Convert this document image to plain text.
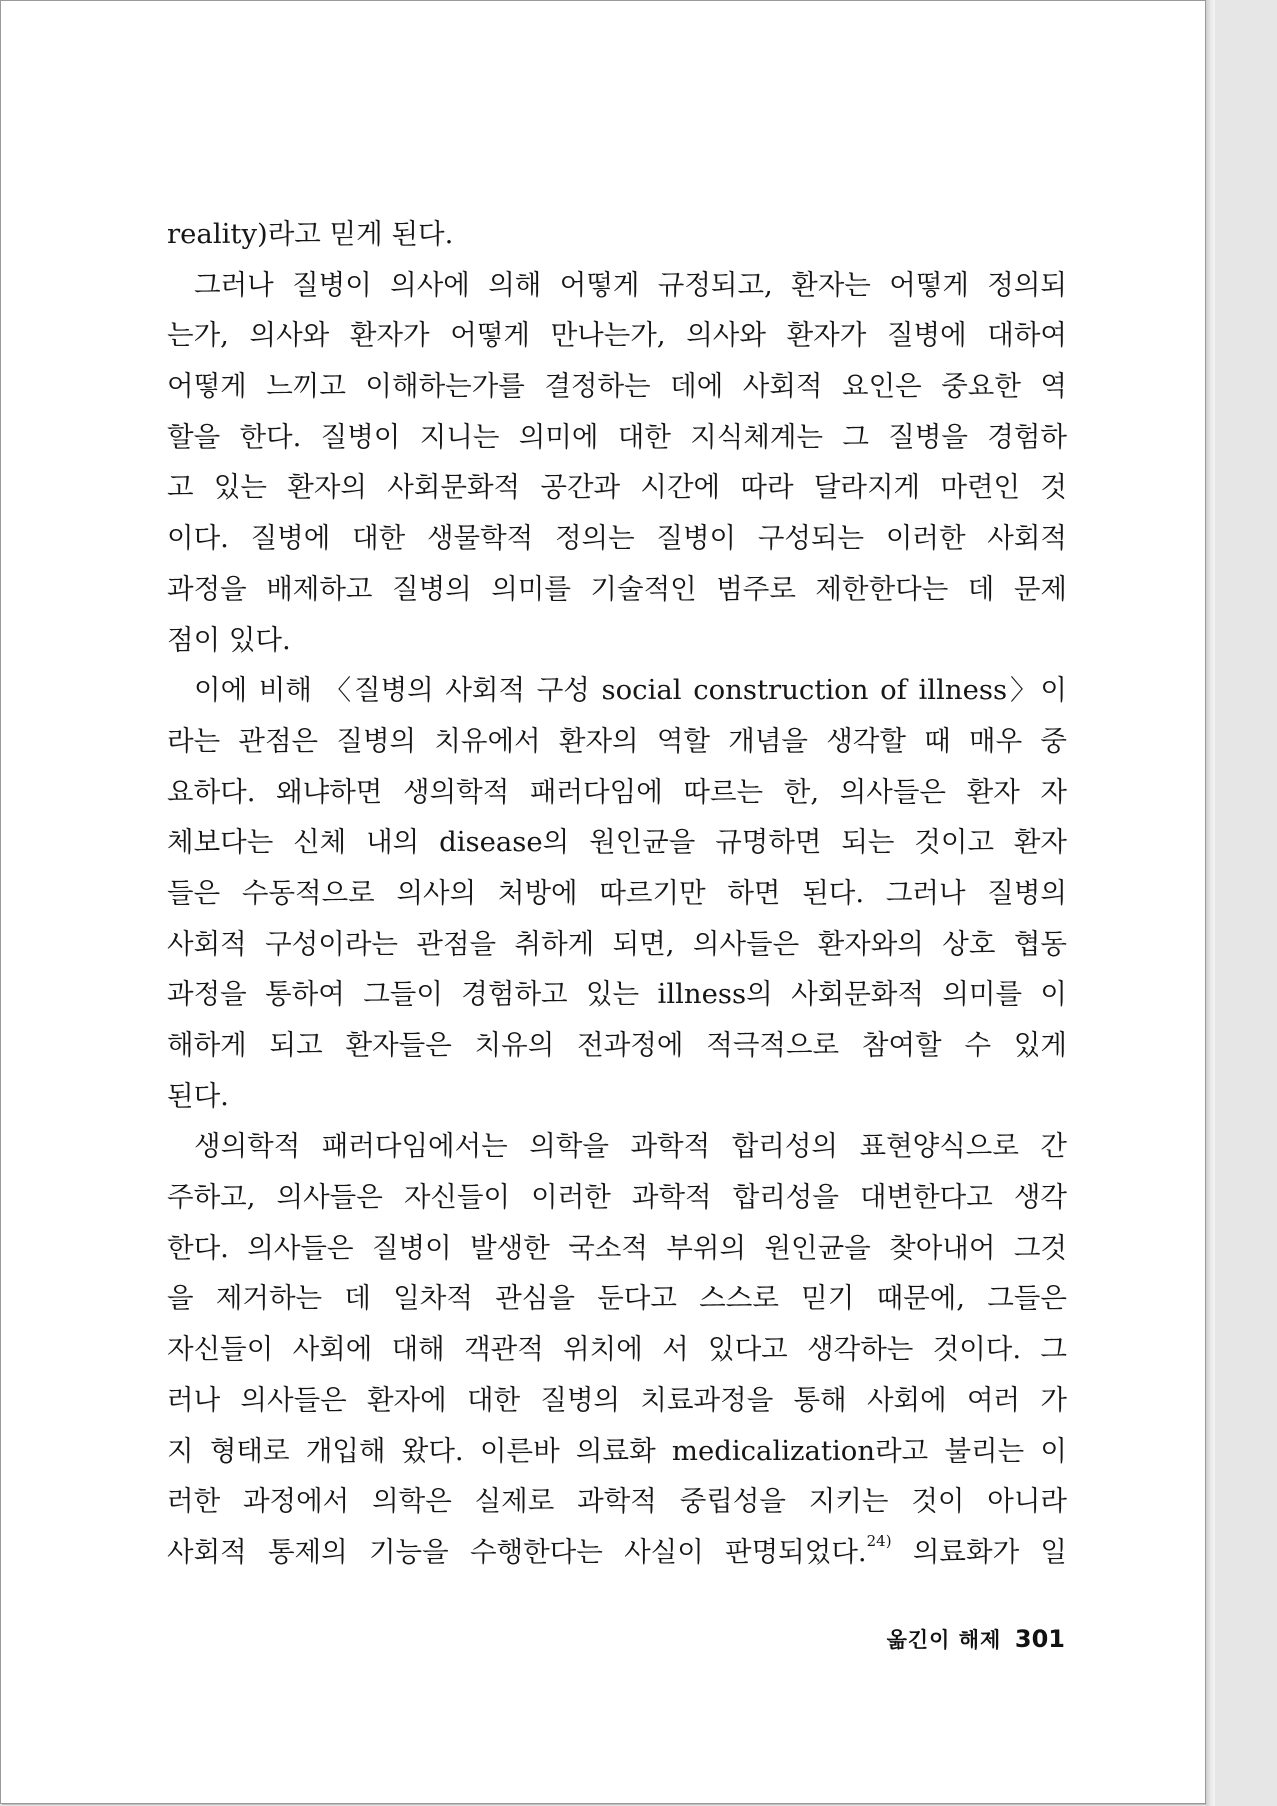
reality)라고 믿게 된다.
그러나 질병이 의사에 의해 어떻게 규정되고, 환자는 어떻게 정의되
는가, 의사와 환자가 어떻게 만나는가, 의사와 환자가 질병에 대하여
어떻게 느끼고 이해하는가를 결정하는 데에 사회적 요인은 중요한 역
할을 한다. 질병이 지니는 의미에 대한 지식체계는 그 질병을 경험하
고 있는 환자의 사회문화적 공간과 시간에 따라 달라지게 마련인 것
이다. 질병에 대한 생물학적 정의는 질병이 구성되는 이러한 사회적
과정을 배제하고 질병의 의미를 기술적인 범주로 제한한다는 데 문제
점이 있다.
이에 비해 〈질병의 사회적 구성 social construction of illness〉이
라는 관점은 질병의 치유에서 환자의 역할 개념을 생각할 때 매우 중
요하다. 왜냐하면 생의학적 패러다임에 따르는 한, 의사들은 환자 자
체보다는 신체 내의 disease의 원인균을 규명하면 되는 것이고 환자
들은 수동적으로 의사의 처방에 따르기만 하면 된다. 그러나 질병의
사회적 구성이라는 관점을 취하게 되면, 의사들은 환자와의 상호 협동
과정을 통하여 그들이 경험하고 있는 illness의 사회문화적 의미를 이
해하게 되고 환자들은 치유의 전과정에 적극적으로 참여할 수 있게
된다.
생의학적 패러다임에서는 의학을 과학적 합리성의 표현양식으로 간
주하고, 의사들은 자신들이 이러한 과학적 합리성을 대변한다고 생각
한다. 의사들은 질병이 발생한 국소적 부위의 원인균을 찾아내어 그것
을 제거하는 데 일차적 관심을 둔다고 스스로 믿기 때문에, 그들은
자신들이 사회에 대해 객관적 위치에 서 있다고 생각하는 것이다. 그
러나 의사들은 환자에 대한 질병의 치료과정을 통해 사회에 여러 가
지 형태로 개입해 왔다. 이른바 의료화 medicalization라고 불리는 이
러한 과정에서 의학은 실제로 과학적 중립성을 지키는 것이 아니라
사회적 통제의 기능을 수행한다는 사실이 판명되었다.$^{24)}$ 의료화가 일
옮긴이 해제 301
